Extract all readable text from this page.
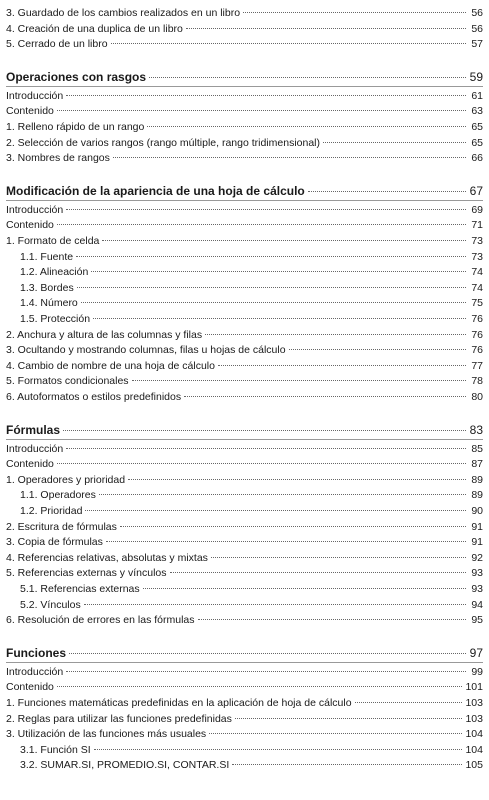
3. Guardado de los cambios realizados en un libro	56
4. Creación de una duplica de un libro	56
5. Cerrado de un libro	57
Operaciones con rasgos	59
Introducción	61
Contenido	63
1. Relleno rápido de un rango	65
2. Selección de varios rangos (rango múltiple, rango tridimensional)	65
3. Nombres de rangos	66
Modificación de la apariencia de una hoja de cálculo	67
Introducción	69
Contenido	71
1. Formato de celda	73
1.1. Fuente	73
1.2. Alineación	74
1.3. Bordes	74
1.4. Número	75
1.5. Protección	76
2. Anchura y altura de las columnas y filas	76
3. Ocultando y mostrando columnas, filas u hojas de cálculo	76
4. Cambio de nombre de una hoja de cálculo	77
5. Formatos condicionales	78
6. Autoformatos o estilos predefinidos	80
Fórmulas	83
Introducción	85
Contenido	87
1. Operadores y prioridad	89
1.1. Operadores	89
1.2. Prioridad	90
2. Escritura de fórmulas	91
3. Copia de fórmulas	91
4. Referencias relativas, absolutas y mixtas	92
5. Referencias externas y vínculos	93
5.1. Referencias externas	93
5.2. Vínculos	94
6. Resolución de errores en las fórmulas	95
Funciones	97
Introducción	99
Contenido	101
1. Funciones matemáticas predefinidas en la aplicación de hoja de cálculo	103
2. Reglas para utilizar las funciones predefinidas	103
3. Utilización de las funciones más usuales	104
3.1. Función SI	104
3.2. SUMAR.SI, PROMEDIO.SI, CONTAR.SI	105
